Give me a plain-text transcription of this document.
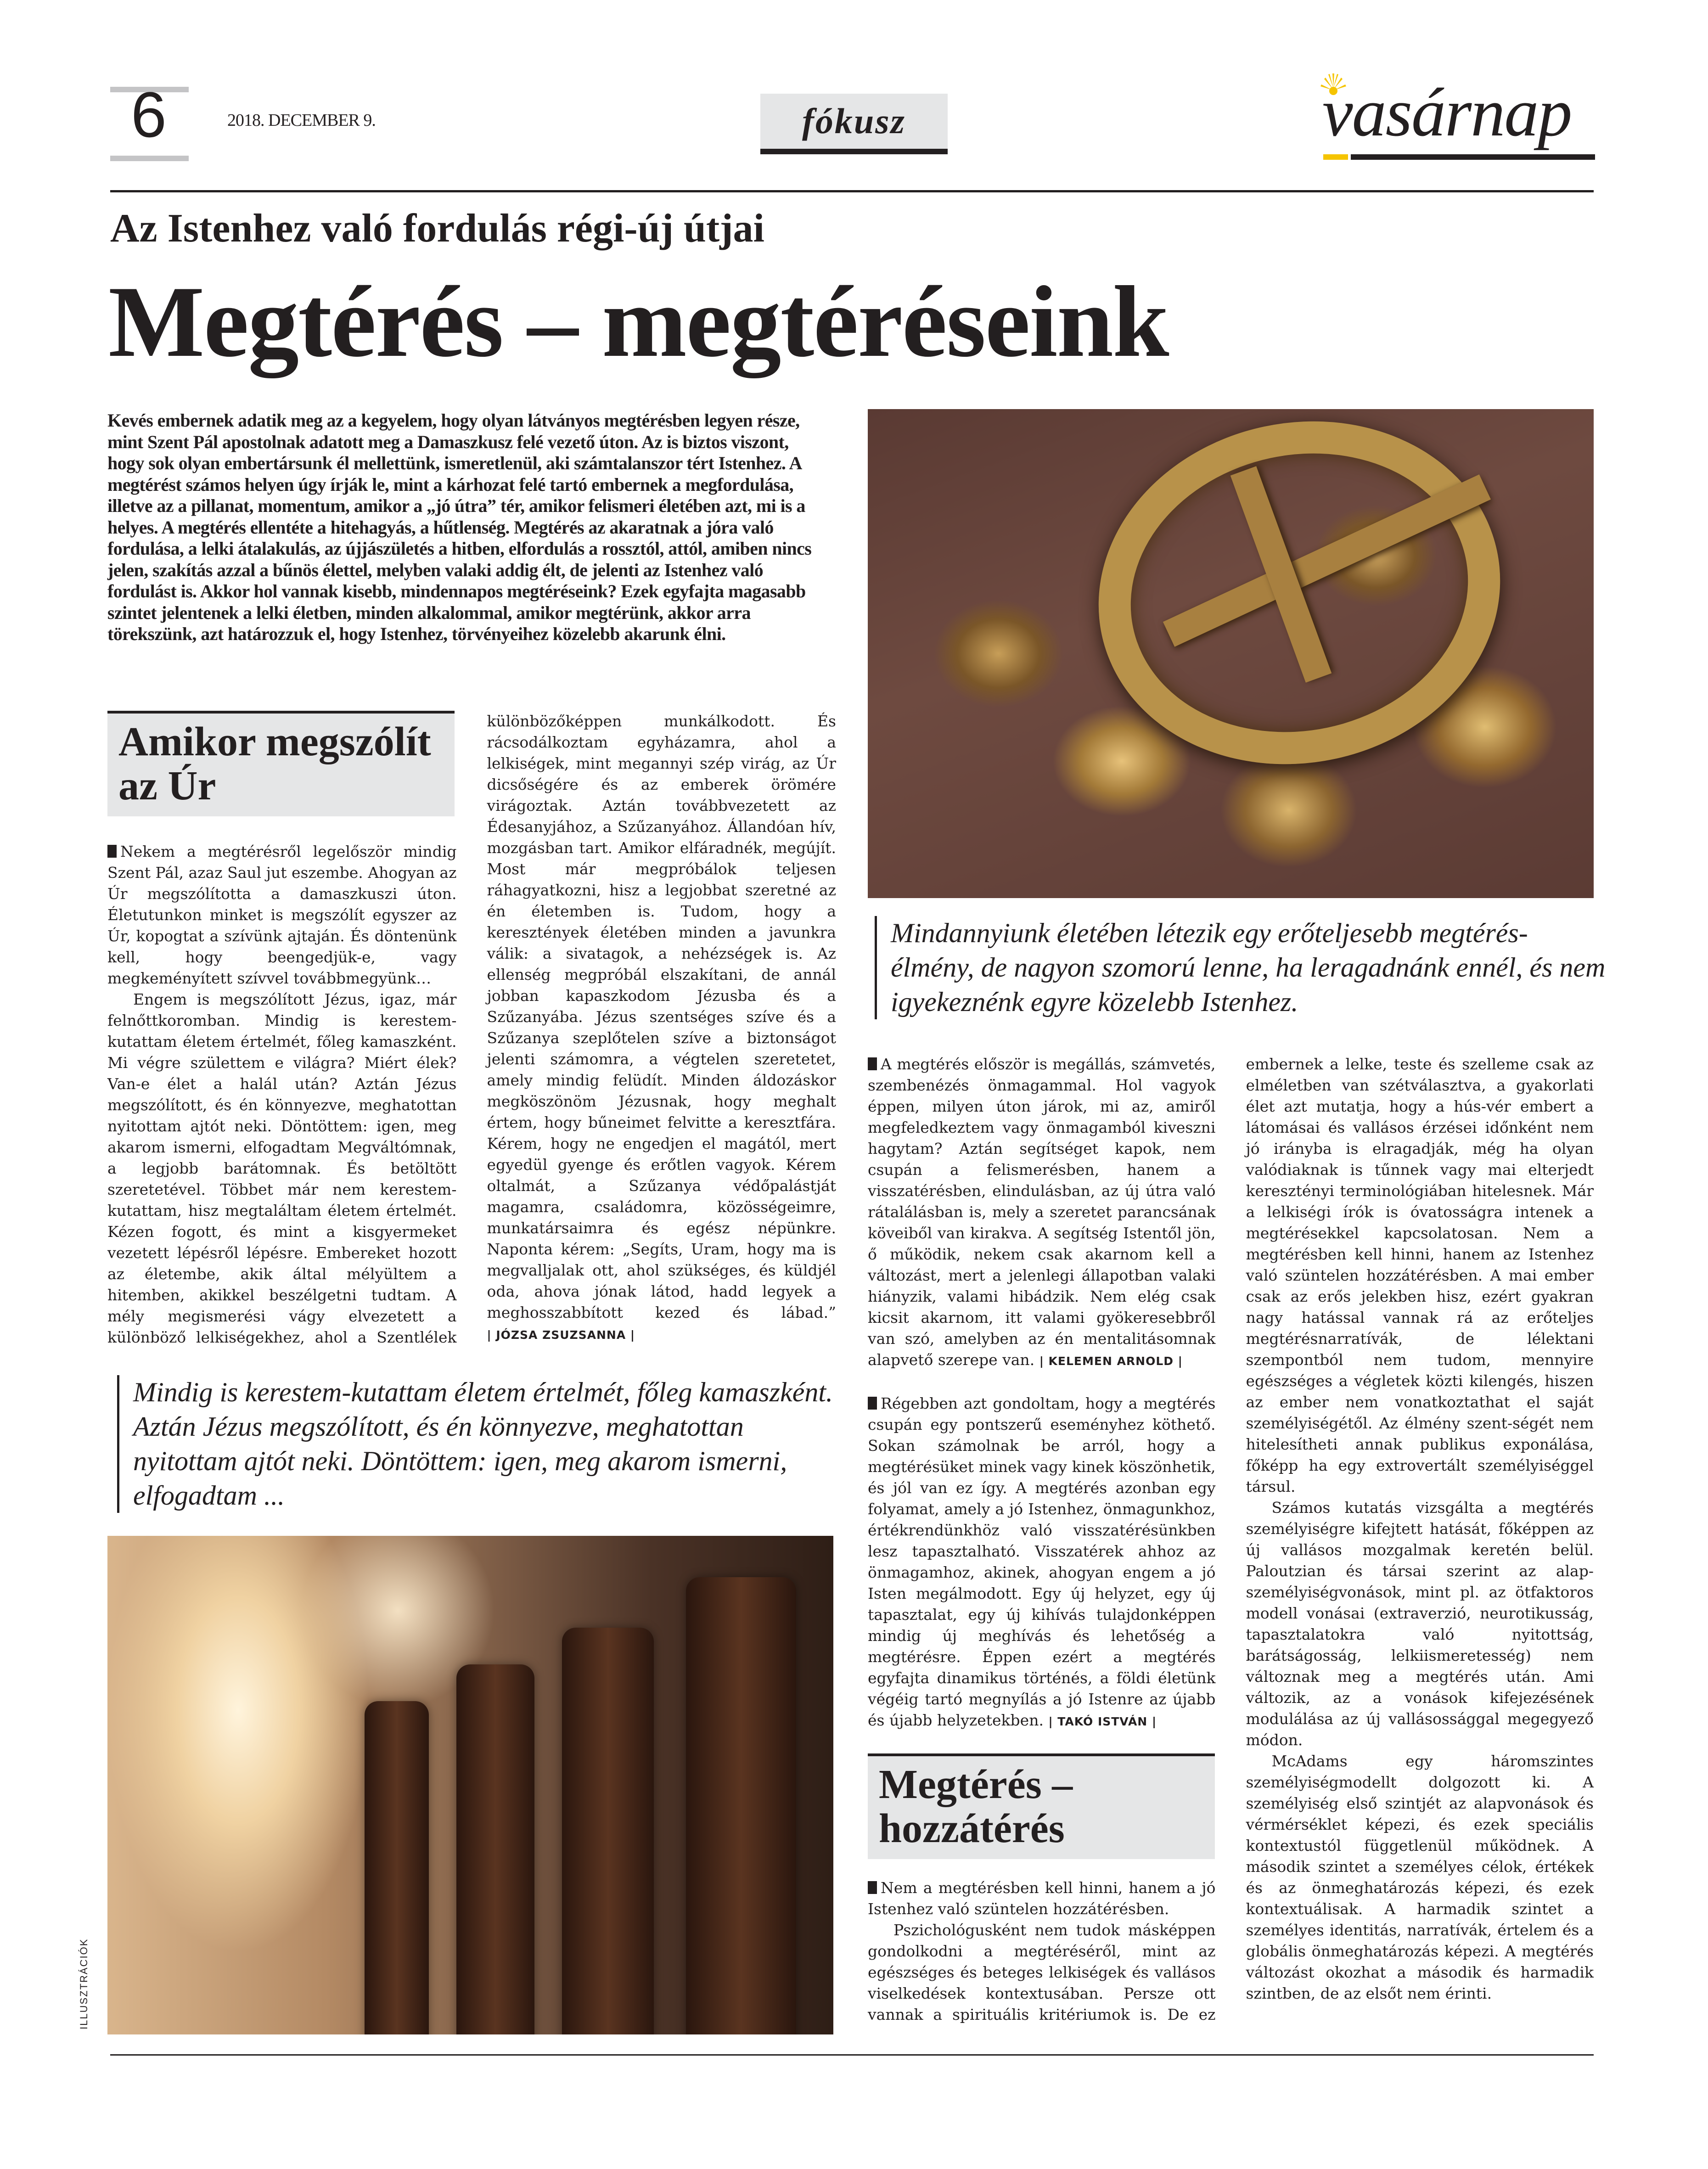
6	2018. DECEMBER 9.	fókusz	vasárnap
Az Istenhez való fordulás régi-új útjai
Megtérés – megtéréseink
Kevés embernek adatik meg az a kegyelem, hogy olyan látványos megtérésben legyen része, mint Szent Pál apostolnak adatott meg a Damaszkusz felé vezető úton. Az is biztos viszont, hogy sok olyan embertársunk él mellettünk, ismeretlenül, aki számtalanszor tért Istenhez. A megtérést számos helyen úgy írják le, mint a kárhozat felé tartó embernek a megfordulása, illetve az a pillanat, momentum, amikor a „jó útra” tér, amikor felismeri életében azt, mi is a helyes. A megtérés ellentéte a hitehagyás, a hűtlenség. Megtérés az akaratnak a jóra való fordulása, a lelki átalakulás, az újjászületés a hitben, elfordulás a rossztól, attól, amiben nincs jelen, szakítás azzal a bűnös élettel, melyben valaki addig élt, de jelenti az Istenhez való fordulást is. Akkor hol vannak kisebb, mindennapos megtéréseink? Ezek egyfajta magasabb szintet jelentenek a lelki életben, minden alkalommal, amikor megtérünk, akkor arra törekszünk, azt határozzuk el, hogy Istenhez, törvényeihez közelebb akarunk élni.
Mindannyiunk életében létezik egy erőteljesebb megtérés-élmény, de nagyon szomorú lenne, ha leragadnánk ennél, és nem igyekeznénk egyre közelebb Istenhez.
Amikor megszólít az Úr

Nekem a megtérésről legelőször mindig Szent Pál, azaz Saul jut eszembe. Ahogyan az Úr megszólította a damaszkuszi úton. Életutunkon minket is megszólít egyszer az Úr, kopogtat a szívünk ajtaján. És döntenünk kell, hogy beengedjük-e, vagy megkeményített szívvel továbbmegyünk…

Engem is megszólított Jézus, igaz, már felnőttkoromban. Mindig is kerestem-kutattam életem értelmét, főleg kamaszként. Mi végre születtem e világra? Miért élek? Van-e élet a halál után? Aztán Jézus megszólított, és én könnyezve, meghatottan nyitottam ajtót neki. Döntöttem: igen, meg akarom ismerni, elfogadtam Megváltómnak, a legjobb barátomnak. És betöltött szeretetével. Többet már nem kerestem-kutattam, hisz megtaláltam életem értelmét. Kézen fogott, és mint a kisgyermeket vezetett lépésről lépésre. Embereket hozott az életembe, akik által mélyültem a hitemben, akikkel beszélgetni tudtam. A mély megismerési vágy elvezetett a különböző lelkiségekhez, ahol a Szentlélek különbözőképpen munkálkodott. És rácsodálkoztam egyházamra, ahol a lelkiségek, mint megannyi szép virág, az Úr dicsőségére és az emberek örömére virágoztak. Aztán továbbvezetett az Édesanyjához, a Szűzanyához. Állandóan hív, mozgásban tart. Amikor elfáradnék, megújít. Most már megpróbálok teljesen ráhagyatkozni, hisz a legjobbat szeretné az én életemben is. Tudom, hogy a keresztények életében minden a javunkra válik: a sivatagok, a nehézségek is. Az ellenség megpróbál elszakítani, de annál jobban kapaszkodom Jézusba és a Szűzanyába. Jézus szentséges szíve és a Szűzanya szeplőtelen szíve a biztonságot jelenti számomra, a végtelen szeretetet, amely mindig felüdít. Minden áldozáskor megköszönöm Jézusnak, hogy meghalt értem, hogy bűneimet felvitte a keresztfára. Kérem, hogy ne engedjen el magától, mert egyedül gyenge és erőtlen vagyok. Kérem oltalmát, a Szűzanya védőpalástját magamra, családomra, közösségeimre, munkatársaimra és egész népünkre. Naponta kérem: „Segíts, Uram, hogy ma is megvalljalak ott, ahol szükséges, és küldjél oda, ahova jónak látod, hadd legyek a meghosszabbított kezed és lábad.” | JÓZSA ZSUZSANNA |

Mindig is kerestem-kutattam életem értelmét, főleg kamaszként. Aztán Jézus megszólított, és én könnyezve, meghatottan nyitottam ajtót neki. Döntöttem: igen, meg akarom ismerni, elfogadtam ...
ILLUSZTRÁCIÓK

A megtérés először is megállás, számvetés, szembenézés önmagammal. Hol vagyok éppen, milyen úton járok, mi az, amiről megfeledkeztem vagy önmagamból kiveszni hagytam? Aztán segítséget kapok, nem csupán a felismerésben, hanem a visszatérésben, elindulásban, az új útra való rátalálásban is, mely a szeretet parancsának köveiből van kirakva. A segítség Istentől jön, ő működik, nekem csak akarnom kell a változást, mert a jelenlegi állapotban valaki hiányzik, valami hibádzik. Nem elég csak kicsit akarnom, itt valami gyökeresebbről van szó, amelyben az én mentalitásomnak alapvető szerepe van. | KELEMEN ARNOLD |

Régebben azt gondoltam, hogy a megtérés csupán egy pontszerű eseményhez köthető. Sokan számolnak be arról, hogy a megtérésüket minek vagy kinek köszönhetik, és jól van ez így. A megtérés azonban egy folyamat, amely a jó Istenhez, önmagunkhoz, értékrendünkhöz való visszatérésünkben lesz tapasztalható. Visszatérek ahhoz az önmagamhoz, akinek, ahogyan engem a jó Isten megálmodott. Egy új helyzet, egy új tapasztalat, egy új kihívás tulajdonképpen mindig új meghívás és lehetőség a megtérésre. Éppen ezért a megtérés egyfajta dinamikus történés, a földi életünk végéig tartó megnyílás a jó Istenre az újabb és újabb helyzetekben. | TAKÓ ISTVÁN |

Megtérés – hozzátérés

Nem a megtérésben kell hinni, hanem a jó Istenhez való szüntelen hozzátérésben.

Pszichológusként nem tudok másképpen gondolkodni a megtéréséről, mint az egészséges és beteges lelkiségek és vallásos viselkedések kontextusában. Persze ott vannak a spirituális kritériumok is. De ez embernek a lelke, teste és szelleme csak az elméletben van szétválasztva, a gyakorlati élet azt mutatja, hogy a hús-vér embert a látomásai és vallásos érzései időnként nem jó irányba is elragadják, még ha olyan valódiaknak is tűnnek vagy mai elterjedt keresztényi terminológiában hitelesnek. Már a lelkiségi írók is óvatosságra intenek a megtérésekkel kapcsolatosan. Nem a megtérésben kell hinni, hanem az Istenhez való szüntelen hozzátérésben. A mai ember csak az erős jelekben hisz, ezért gyakran nagy hatással vannak rá az erőteljes megtérésnarratívák, de lélektani szempontból nem tudom, mennyire egészséges a végletek közti kilengés, hiszen az ember nem vonatkoztathat el saját személyiségétől. Az élmény szent-ségét nem hitelesítheti annak publikus exponálása, főképp ha egy extrovertált személyiséggel társul.

Számos kutatás vizsgálta a megtérés személyiségre kifejtett hatását, főképpen az új vallásos mozgalmak keretén belül. Paloutzian és társai szerint az alap-személyiségvonások, mint pl. az ötfaktoros modell vonásai (extraverzió, neurotikusság, tapasztalatokra való nyitottság, barátságosság, lelkiismeretesség) nem változnak meg a megtérés után. Ami változik, az a vonások kifejezésének modulálása az új vallásossággal megegyező módon.

McAdams egy háromszintes személyiségmodellt dolgozott ki. A személyiség első szintjét az alapvonások és vérmérséklet képezi, és ezek speciális kontextustól függetlenül működnek. A második szintet a személyes célok, értékek és az önmeghatározás képezi, és ezek kontextuálisak. A harmadik szintet a személyes identitás, narratívák, értelem és a globális önmeghatározás képezi. A megtérés változást okozhat a második és harmadik szintben, de az elsőt nem érinti.
